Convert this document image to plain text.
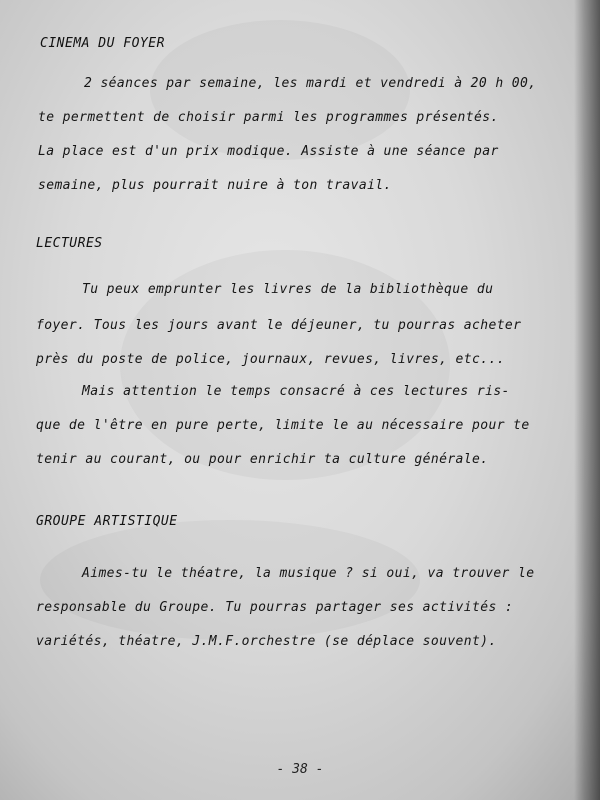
CINEMA DU FOYER
2 séances par semaine, les mardi et vendredi à 20 h 00,
te permettent de choisir parmi les programmes présentés.
La place est d'un prix modique. Assiste à une séance par
semaine, plus pourrait nuire à ton travail.
LECTURES
Tu peux emprunter les livres de la bibliothèque du
foyer. Tous les jours avant le déjeuner, tu pourras acheter
près du poste de police, journaux, revues, livres, etc...
Mais attention le temps consacré à ces lectures ris-
que de l'être en pure perte, limite le au nécessaire pour te
tenir au courant, ou pour enrichir ta culture générale.
GROUPE ARTISTIQUE
Aimes-tu le théatre, la musique ? si oui, va trouver le
responsable du Groupe. Tu pourras partager ses activités :
variétés, théatre, J.M.F.orchestre (se déplace souvent).
- 38 -
